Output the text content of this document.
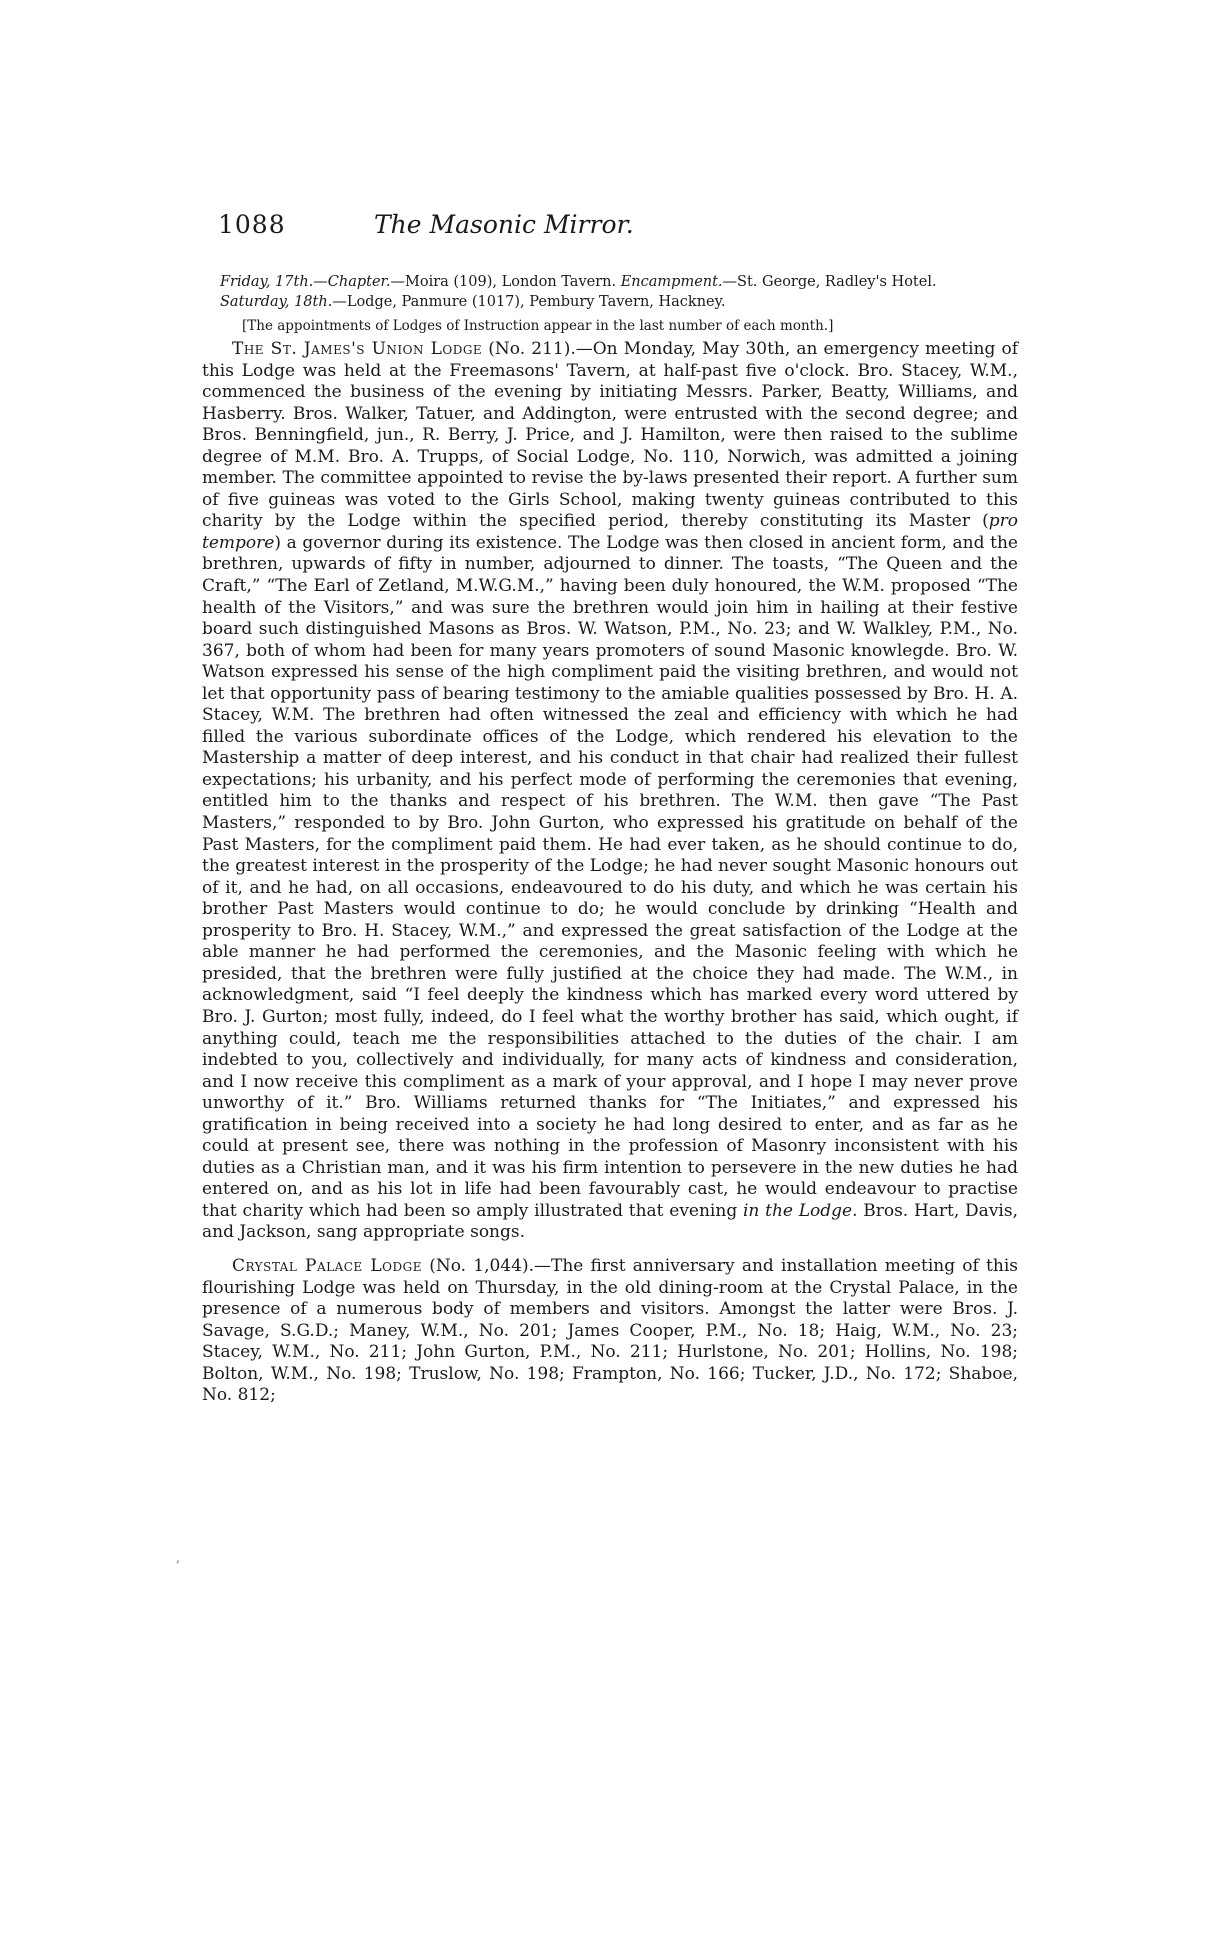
1088	The Masonic Mirror.

Friday, 17th.—Chapter.—Moira (109), London Tavern. Encampment.—St. George, Radley's Hotel.

Saturday, 18th.—Lodge, Panmure (1017), Pembury Tavern, Hackney.

[The appointments of Lodges of Instruction appear in the last number of each month.]

The St. James's Union Lodge (No. 211).—On Monday, May 30th, an emergency meeting of this Lodge was held at the Freemasons' Tavern, at half-past five o'clock. Bro. Stacey, W.M., commenced the business of the evening by initiating Messrs. Parker, Beatty, Williams, and Hasberry. Bros. Walker, Tatuer, and Addington, were entrusted with the second degree; and Bros. Benningfield, jun., R. Berry, J. Price, and J. Hamilton, were then raised to the sublime degree of M.M. Bro. A. Trupps, of Social Lodge, No. 110, Norwich, was admitted a joining member. The committee appointed to revise the by-laws presented their report. A further sum of five guineas was voted to the Girls School, making twenty guineas contributed to this charity by the Lodge within the specified period, thereby constituting its Master (pro tempore) a governor during its existence. The Lodge was then closed in ancient form, and the brethren, upwards of fifty in number, adjourned to dinner. The toasts, “The Queen and the Craft,” “The Earl of Zetland, M.W.G.M.,” having been duly honoured, the W.M. proposed “The health of the Visitors,” and was sure the brethren would join him in hailing at their festive board such distinguished Masons as Bros. W. Watson, P.M., No. 23; and W. Walkley, P.M., No. 367, both of whom had been for many years promoters of sound Masonic knowlegde. Bro. W. Watson expressed his sense of the high compliment paid the visiting brethren, and would not let that opportunity pass of bearing testimony to the amiable qualities possessed by Bro. H. A. Stacey, W.M. The brethren had often witnessed the zeal and efficiency with which he had filled the various subordinate offices of the Lodge, which rendered his elevation to the Mastership a matter of deep interest, and his conduct in that chair had realized their fullest expectations; his urbanity, and his perfect mode of performing the ceremonies that evening, entitled him to the thanks and respect of his brethren. The W.M. then gave “The Past Masters,” responded to by Bro. John Gurton, who expressed his gratitude on behalf of the Past Masters, for the compliment paid them. He had ever taken, as he should continue to do, the greatest interest in the prosperity of the Lodge; he had never sought Masonic honours out of it, and he had, on all occasions, endeavoured to do his duty, and which he was certain his brother Past Masters would continue to do; he would conclude by drinking “Health and prosperity to Bro. H. Stacey, W.M.,” and expressed the great satisfaction of the Lodge at the able manner he had performed the ceremonies, and the Masonic feeling with which he presided, that the brethren were fully justified at the choice they had made. The W.M., in acknowledgment, said “I feel deeply the kindness which has marked every word uttered by Bro. J. Gurton; most fully, indeed, do I feel what the worthy brother has said, which ought, if anything could, teach me the responsibilities attached to the duties of the chair. I am indebted to you, collectively and individually, for many acts of kindness and consideration, and I now receive this compliment as a mark of your approval, and I hope I may never prove unworthy of it.” Bro. Williams returned thanks for “The Initiates,” and expressed his gratification in being received into a society he had long desired to enter, and as far as he could at present see, there was nothing in the profession of Masonry inconsistent with his duties as a Christian man, and it was his firm intention to persevere in the new duties he had entered on, and as his lot in life had been favourably cast, he would endeavour to practise that charity which had been so amply illustrated that evening in the Lodge. Bros. Hart, Davis, and Jackson, sang appropriate songs.

Crystal Palace Lodge (No. 1,044).—The first anniversary and installation meeting of this flourishing Lodge was held on Thursday, in the old dining-room at the Crystal Palace, in the presence of a numerous body of members and visitors. Amongst the latter were Bros. J. Savage, S.G.D.; Maney, W.M., No. 201; James Cooper, P.M., No. 18; Haig, W.M., No. 23; Stacey, W.M., No. 211; John Gurton, P.M., No. 211; Hurlstone, No. 201; Hollins, No. 198; Bolton, W.M., No. 198; Truslow, No. 198; Frampton, No. 166; Tucker, J.D., No. 172; Shaboe, No. 812;

‚
